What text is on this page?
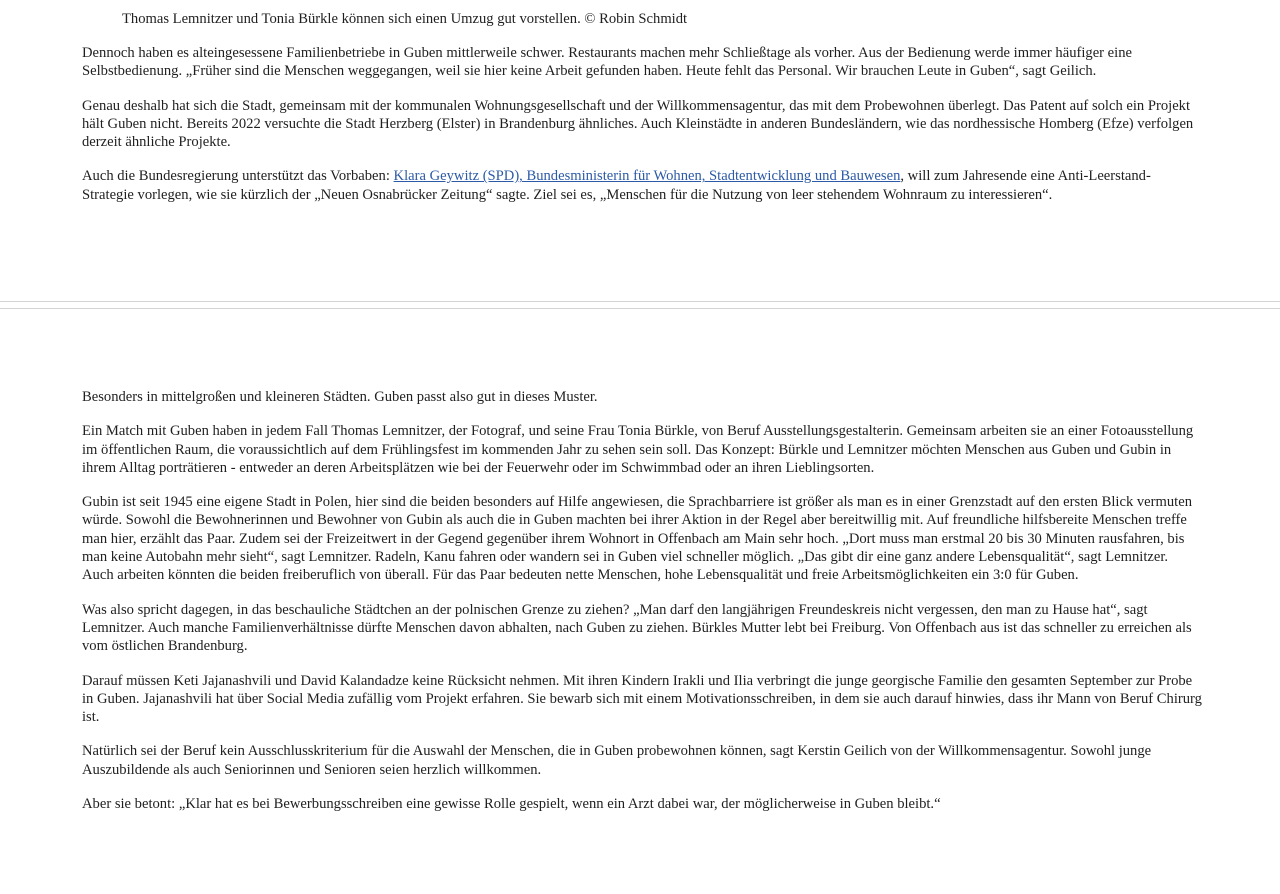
Thomas Lemnitzer und Tonia Bürkle können sich einen Umzug gut vorstellen. © Robin Schmidt

Dennoch haben es alteingesessene Familienbetriebe in Guben mittlerweile schwer. Restaurants machen mehr Schließtage als vorher. Aus der Bedienung werde immer häufiger eine Selbstbedienung. „Früher sind die Menschen weggegangen, weil sie hier keine Arbeit gefunden haben. Heute fehlt das Personal. Wir brauchen Leute in Guben“, sagt Geilich.

Genau deshalb hat sich die Stadt, gemeinsam mit der kommunalen Wohnungsgesellschaft und der Willkommensagentur, das mit dem Probewohnen überlegt. Das Patent auf solch ein Projekt hält Guben nicht. Bereits 2022 versuchte die Stadt Herzberg (Elster) in Brandenburg ähnliches. Auch Kleinstädte in anderen Bundesländern, wie das nordhessische Homberg (Efze) verfolgen derzeit ähnliche Projekte.

Auch die Bundesregierung unterstützt das Vorbaben: Klara Geywitz (SPD), Bundesministerin für Wohnen, Stadtentwicklung und Bauwesen, will zum Jahresende eine Anti-Leerstand-Strategie vorlegen, wie sie kürzlich der „Neuen Osnabrücker Zeitung“ sagte. Ziel sei es, „Menschen für die Nutzung von leer stehendem Wohnraum zu interessieren“.

Besonders in mittelgroßen und kleineren Städten. Guben passt also gut in dieses Muster.

Ein Match mit Guben haben in jedem Fall Thomas Lemnitzer, der Fotograf, und seine Frau Tonia Bürkle, von Beruf Ausstellungsgestalterin. Gemeinsam arbeiten sie an einer Fotoausstellung im öffentlichen Raum, die voraussichtlich auf dem Frühlingsfest im kommenden Jahr zu sehen sein soll. Das Konzept: Bürkle und Lemnitzer möchten Menschen aus Guben und Gubin in ihrem Alltag porträtieren - entweder an deren Arbeitsplätzen wie bei der Feuerwehr oder im Schwimmbad oder an ihren Lieblingsorten.

Gubin ist seit 1945 eine eigene Stadt in Polen, hier sind die beiden besonders auf Hilfe angewiesen, die Sprachbarriere ist größer als man es in einer Grenzstadt auf den ersten Blick vermuten würde. Sowohl die Bewohnerinnen und Bewohner von Gubin als auch die in Guben machten bei ihrer Aktion in der Regel aber bereitwillig mit. Auf freundliche hilfsbereite Menschen treffe man hier, erzählt das Paar. Zudem sei der Freizeitwert in der Gegend gegenüber ihrem Wohnort in Offenbach am Main sehr hoch. „Dort muss man erstmal 20 bis 30 Minuten rausfahren, bis man keine Autobahn mehr sieht“, sagt Lemnitzer. Radeln, Kanu fahren oder wandern sei in Guben viel schneller möglich. „Das gibt dir eine ganz andere Lebensqualität“, sagt Lemnitzer. Auch arbeiten könnten die beiden freiberuflich von überall. Für das Paar bedeuten nette Menschen, hohe Lebensqualität und freie Arbeitsmöglichkeiten ein 3:0 für Guben.

Was also spricht dagegen, in das beschauliche Städtchen an der polnischen Grenze zu ziehen? „Man darf den langjährigen Freundeskreis nicht vergessen, den man zu Hause hat“, sagt Lemnitzer. Auch manche Familienverhältnisse dürfte Menschen davon abhalten, nach Guben zu ziehen. Bürkles Mutter lebt bei Freiburg. Von Offenbach aus ist das schneller zu erreichen als vom östlichen Brandenburg.

Darauf müssen Keti Jajanashvili und David Kalandadze keine Rücksicht nehmen. Mit ihren Kindern Irakli und Ilia verbringt die junge georgische Familie den gesamten September zur Probe in Guben. Jajanashvili hat über Social Media zufällig vom Projekt erfahren. Sie bewarb sich mit einem Motivationsschreiben, in dem sie auch darauf hinwies, dass ihr Mann von Beruf Chirurg ist.

Natürlich sei der Beruf kein Ausschlusskriterium für die Auswahl der Menschen, die in Guben probewohnen können, sagt Kerstin Geilich von der Willkommensagentur. Sowohl junge Auszubildende als auch Seniorinnen und Senioren seien herzlich willkommen.

Aber sie betont: „Klar hat es bei Bewerbungsschreiben eine gewisse Rolle gespielt, wenn ein Arzt dabei war, der möglicherweise in Guben bleibt.“
